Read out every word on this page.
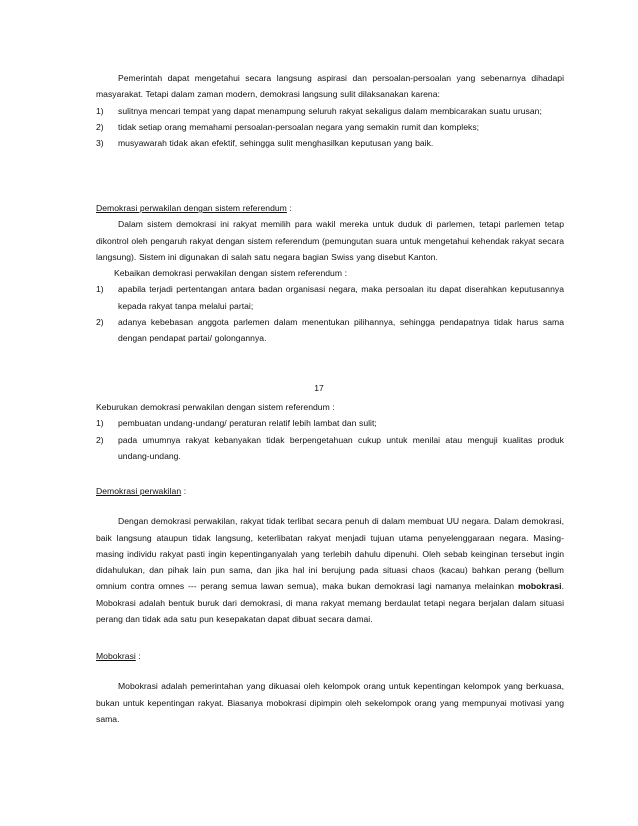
Pemerintah dapat mengetahui secara langsung aspirasi dan persoalan-persoalan yang sebenarnya dihadapi masyarakat. Tetapi dalam zaman modern, demokrasi langsung sulit dilaksanakan karena:

1) sulitnya mencari tempat yang dapat menampung seluruh rakyat sekaligus dalam membicarakan suatu urusan;
2) tidak setiap orang memahami persoalan-persoalan negara yang semakin rumit dan kompleks;
3) musyawarah tidak akan efektif, sehingga sulit menghasilkan keputusan yang baik.

Demokrasi perwakilan dengan sistem referendum :

Dalam sistem demokrasi ini rakyat memilih para wakil mereka untuk duduk di parlemen, tetapi parlemen tetap dikontrol oleh pengaruh rakyat dengan sistem referendum (pemungutan suara untuk mengetahui kehendak rakyat secara langsung). Sistem ini digunakan di salah satu negara bagian Swiss yang disebut Kanton.

Kebaikan demokrasi perwakilan dengan sistem referendum :

1) apabila terjadi pertentangan antara badan organisasi negara, maka persoalan itu dapat diserahkan keputusannya kepada rakyat tanpa melalui partai;
2) adanya kebebasan anggota parlemen dalam menentukan pilihannya, sehingga pendapatnya tidak harus sama dengan pendapat partai/ golongannya.
17

Keburukan demokrasi perwakilan dengan sistem referendum :

1) pembuatan undang-undang/ peraturan relatif lebih lambat dan sulit;
2) pada umumnya rakyat kebanyakan tidak berpengetahuan cukup untuk menilai atau menguji kualitas produk undang-undang.

Demokrasi perwakilan :

Dengan demokrasi perwakilan, rakyat tidak terlibat secara penuh di dalam membuat UU negara. Dalam demokrasi, baik langsung ataupun tidak langsung, keterlibatan rakyat menjadi tujuan utama penyelenggaraan negara. Masing-masing individu rakyat pasti ingin kepentinganyalah yang terlebih dahulu dipenuhi. Oleh sebab keinginan tersebut ingin didahulukan, dan pihak lain pun sama, dan jika hal ini berujung pada situasi chaos (kacau) bahkan perang (bellum omnium contra omnes --- perang semua lawan semua), maka bukan demokrasi lagi namanya melainkan mobokrasi. Mobokrasi adalah bentuk buruk dari demokrasi, di mana rakyat memang berdaulat tetapi negara berjalan dalam situasi perang dan tidak ada satu pun kesepakatan dapat dibuat secara damai.

Mobokrasi :

Mobokrasi adalah pemerintahan yang dikuasai oleh kelompok orang untuk kepentingan kelompok yang berkuasa, bukan untuk kepentingan rakyat. Biasanya mobokrasi dipimpin oleh sekelompok orang yang mempunyai motivasi yang sama.
